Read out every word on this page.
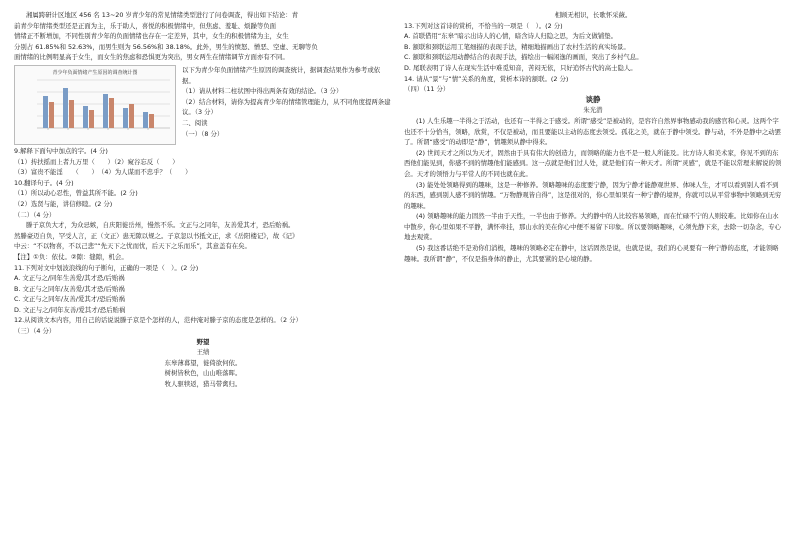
湘属跨研计区地区 456 名 13~20 岁青少年的常见情绪类型进行了问卷调查，得出如下结论：青

前青少年情绪类型还是正面为主，乐于助人，喜悦的积极情绪中，但焦虑、羞耻、烦躁等负面

情绪正不断增加，不同性别青少年的负面情绪也存在一定差异，其中，女生的积极情绪为主，女生

分别占 61.85%和 52.63%，而男生则为 56.56%和 38.18%。此外，男生的愤怒、憎恶、空虚、无聊等负

面情绪的比例明显高于女生，而女生的焦虑和恐惧更为突出，男女两生在情绪调节方面亦有不同。

青少年负面情绪产生原因的调查统计图	以下为青少年负面情绪产生原因的调查统计，据调查结果作为参考或依据。

（1）请从材料二柱状图中得出两条有效的结论。（3 分）

（2）结合材料，请你为提高青少年的情绪管理能力，从不同角度提两条建议。（3 分）

二、阅读

（一）（8 分）

9.解释下面句中加点的字。(4 分)

（1）抟扶摇而上者九万里（　　）（2）窥谷忘反（　　）

（3）富贵不能淫　　（　　）　（4）为人谋而不忠乎？（　　）

10.翻译句子。(4 分)

（1）所以动心忍性，曾益其所不能。(2 分)

（2）选贤与能，讲信修睦。(2 分)

（二）（4 分）

滕子京负大才，为众忌嫉，自庆阳徙岳州，慢然不乐。文正与之同年，友善爱其才，恐后贻祸。

然滕豪迈自负，罕受人言，正（文正）患无隙以规之。子京忽以书抵文正，求《岳阳楼记》，故《记》

中云：“不以物喜，不以己悲”“先天下之忧而忧，后天下之乐而乐”，其意盖有在矣。

【注】①负：依仗。②隙：缝隙，机会。

11.下列对文中划波浪线的句子断句，正确的一项是（　）。(2 分)

A. 文正与之/同年生善爱/其才恐/后贻祸

B. 文正与之同年/友善爱/其才恐/后贻祸

C. 文正与之同年/友善/爱其才/恐后贻祸

D. 文正与之/同年友善/爱其才/恐后贻祸

12.从阅读文本内容，用自己的话说说滕子京是个怎样的人，范仲淹对滕子京的态度是怎样的。（2 分）

（三）（4 分）

野望

王绩

东皋薄暮望，徙倚欲何依。

树树皆秋色，山山唯落晖。

牧人驱犊返，猎马带禽归。

相顾无相识，长歌怀采薇。

13.下列对这首诗的赏析，不恰当的一项是（　）。(2 分)

A. 首联借用“东皋”暗示出诗人的心情，暗含诗人归隐之思，为后文做铺垫。

B. 颔联和颈联运用工笔细描的表现手法，精细地描画出了农村生活的真实场景。

C. 颔联和颈联运用动静结合的表现手法，描绘出一幅闲逸的画面，突出了乡村气息。

D. 尾联表明了诗人在现实生活中难觅知音，苦闷无依，只好追怀古代的高士隐人。

14. 请从“景”与“情”关系的角度，赏析本诗的颔联。(2 分)

（四）（11 分）

谈静

朱光潜

(1) 人生乐趣一半得之于活动，也还有一半得之于感受。所谓“感受”是被动的，是容许自然界事物感动我的感官和心灵。这两个字也还不十分恰当，领略，欣赏，不仅是被动，而且要能以主动的态度去领受。孤花之美，就在于静中领受。静与动，不外是静中之动罢了。所谓“感受”的动即是“静”，情趣须从静中得来。

(2) 世间天才之所以为天才，固然由于具有伟大的创造力，而领略的能力也不是一般人所能及。比方诗人和美术家，你见不到的东西他们能见到，你感不到的情趣他们能感到。这一点就是他们过人处，就是他们有一种天才。所谓“灵感”，就是不能以常理来解说的领会。天才的领悟力与平常人的不同也就在此。

(3) 能处处领略得到的趣味，这是一种修养。领略趣味的态度要宁静，因为宁静才能静观世界、体味人生，才可以看到别人看不到的东西，感到别人感不到的情趣。“万物静观皆自得”，这是很对的，你心里如果有一种宁静的境界，你就可以从平常事物中领略到无穷的趣味。

(4) 领略趣味的能力固然一半由于天性，一半也由于修养。大约静中的人比较容易领略，而在忙碌不宁的人则较难。比如你在山水中散步，你心里如果不平静，满怀牵挂，那山水的美在你心中便不易留下印象。所以要领略趣味，心须先静下来，去除一切杂念，专心地去观赏。

(5) 我这番话绝不是劝你们消极，趣味的领略必定在静中，这话固然是说，也就是说，我们的心灵要有一种宁静的态度，才能领略趣味。我所谓“静”，不仅是指身体的静止，尤其要紧的是心境的静。
